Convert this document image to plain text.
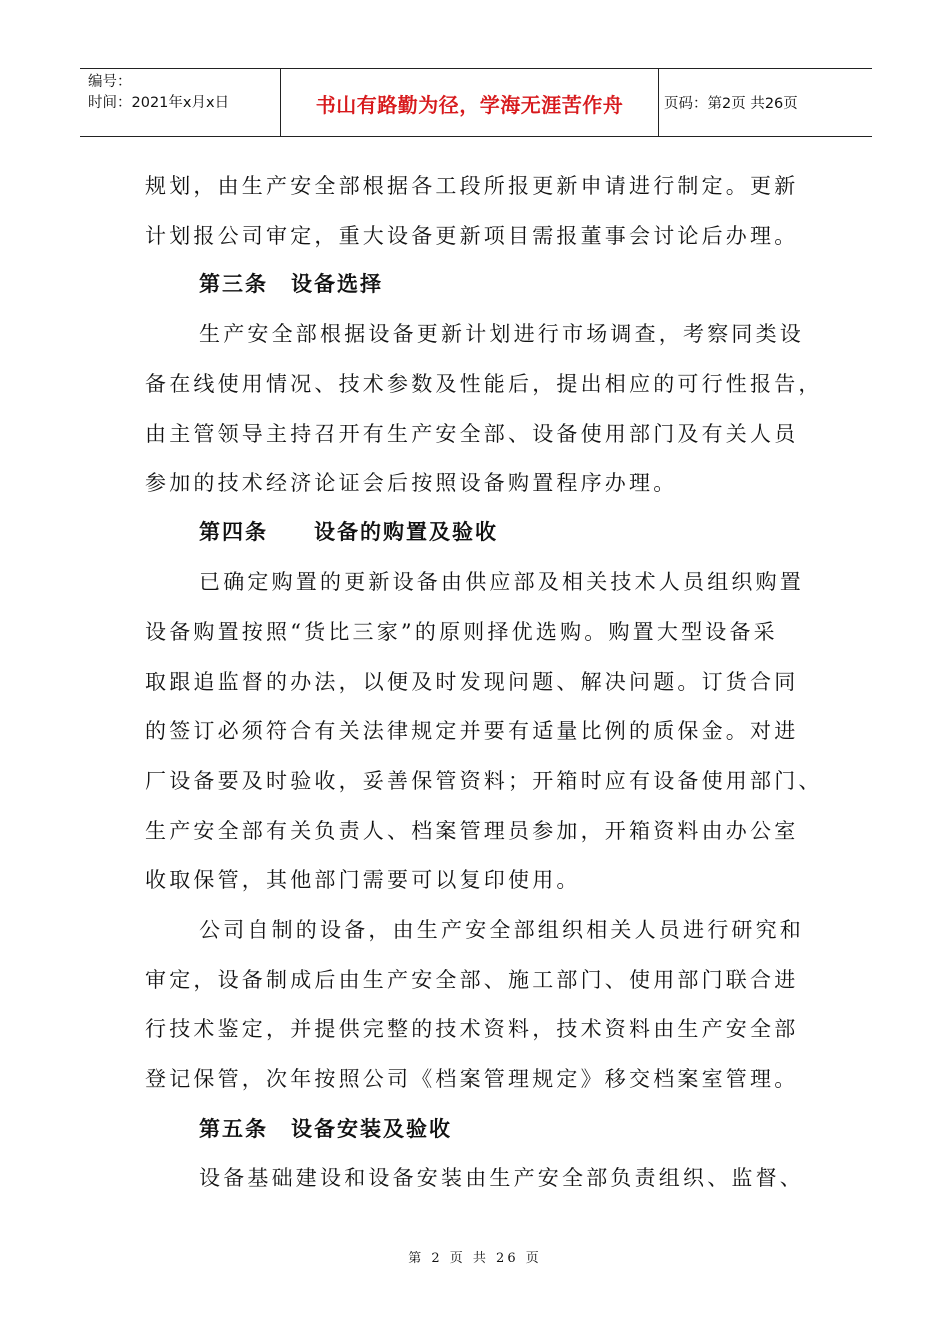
编号：
时间：2021年x月x日	书山有路勤为径，学海无涯苦作舟	页码：第2页 共26页
规划，由生产安全部根据各工段所报更新申请进行制定。更新
计划报公司审定，重大设备更新项目需报董事会讨论后办理。
第三条　设备选择
生产安全部根据设备更新计划进行市场调查，考察同类设
备在线使用情况、技术参数及性能后，提出相应的可行性报告，
由主管领导主持召开有生产安全部、设备使用部门及有关人员
参加的技术经济论证会后按照设备购置程序办理。
第四条　　设备的购置及验收
已确定购置的更新设备由供应部及相关技术人员组织购置
设备购置按照“货比三家”的原则择优选购。购置大型设备采
取跟追监督的办法，以便及时发现问题、解决问题。订货合同
的签订必须符合有关法律规定并要有适量比例的质保金。对进
厂设备要及时验收，妥善保管资料；开箱时应有设备使用部门、
生产安全部有关负责人、档案管理员参加，开箱资料由办公室
收取保管，其他部门需要可以复印使用。
公司自制的设备，由生产安全部组织相关人员进行研究和
审定，设备制成后由生产安全部、施工部门、使用部门联合进
行技术鉴定，并提供完整的技术资料，技术资料由生产安全部
登记保管，次年按照公司《档案管理规定》移交档案室管理。
第五条　设备安装及验收
设备基础建设和设备安装由生产安全部负责组织、监督、
第 2 页 共 26 页
